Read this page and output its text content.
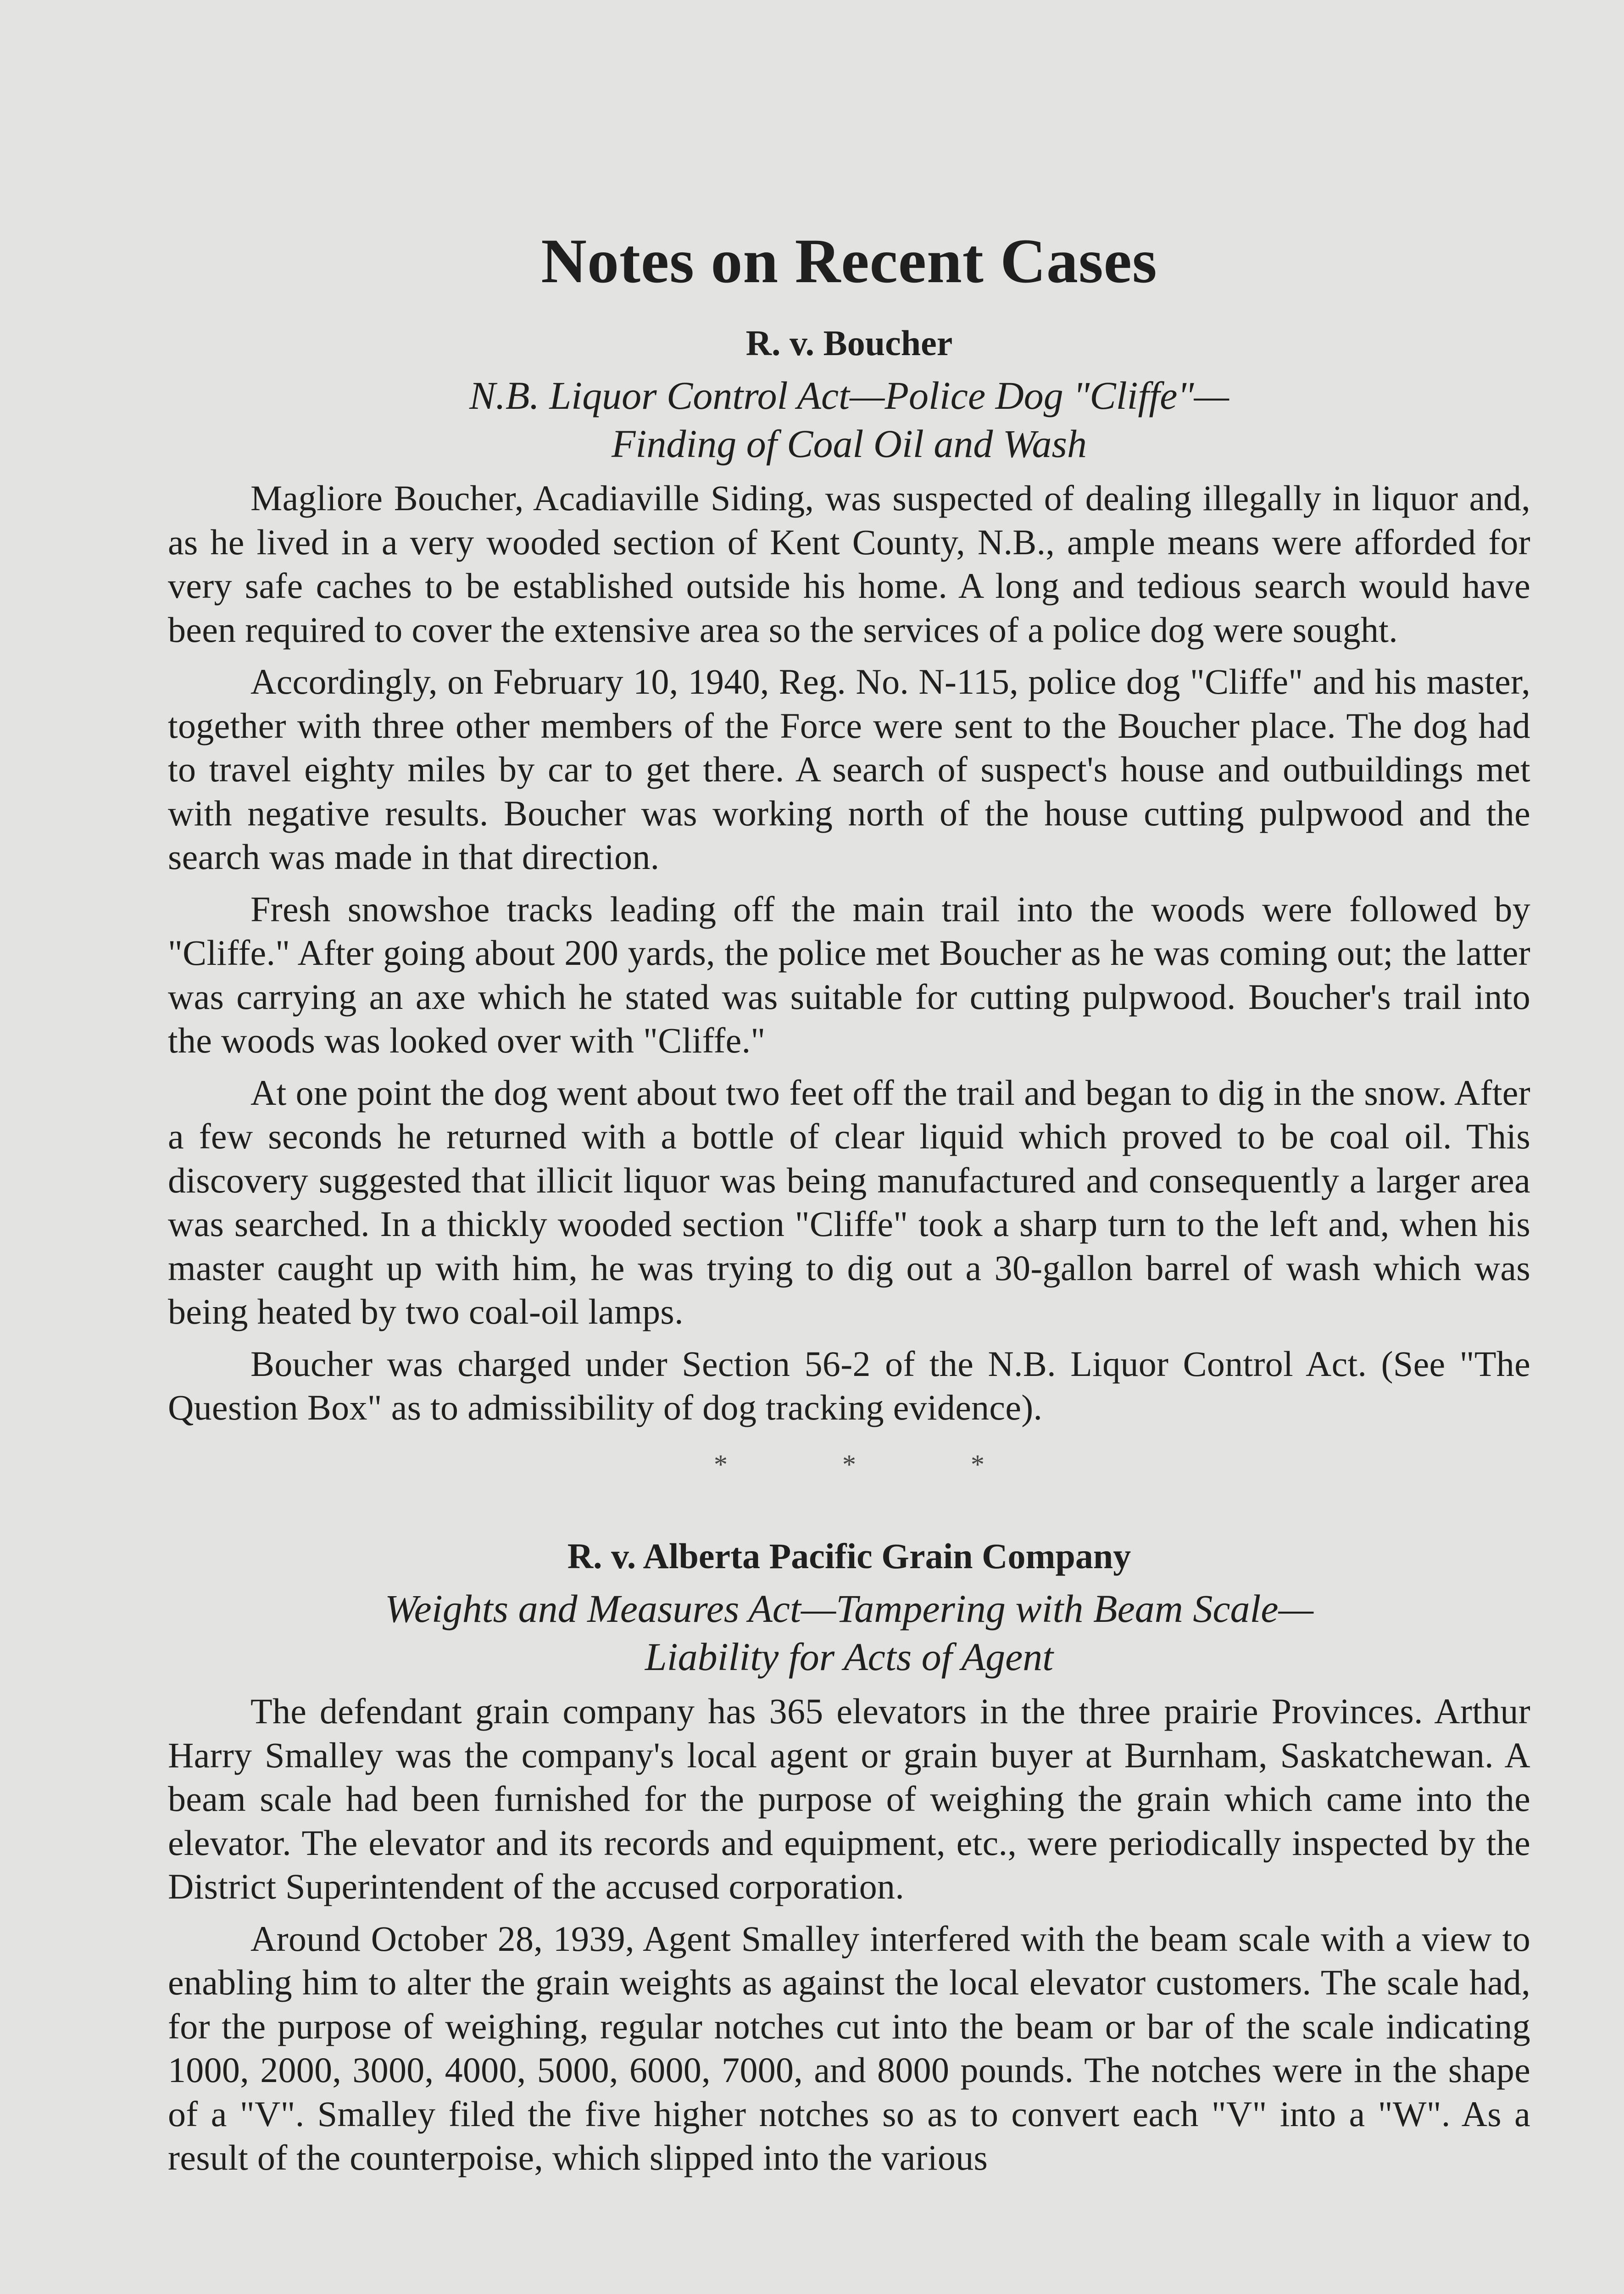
Notes on Recent Cases
R. v. Boucher
N.B. Liquor Control Act—Police Dog "Cliffe"—
Finding of Coal Oil and Wash

Magliore Boucher, Acadiaville Siding, was suspected of dealing illegally in liquor and, as he lived in a very wooded section of Kent County, N.B., ample means were afforded for very safe caches to be established outside his home. A long and tedious search would have been required to cover the extensive area so the services of a police dog were sought.

Accordingly, on February 10, 1940, Reg. No. N-115, police dog "Cliffe" and his master, together with three other members of the Force were sent to the Boucher place. The dog had to travel eighty miles by car to get there. A search of suspect's house and outbuildings met with negative results. Boucher was working north of the house cutting pulpwood and the search was made in that direction.

Fresh snowshoe tracks leading off the main trail into the woods were followed by "Cliffe." After going about 200 yards, the police met Boucher as he was coming out; the latter was carrying an axe which he stated was suitable for cutting pulpwood. Boucher's trail into the woods was looked over with "Cliffe."

At one point the dog went about two feet off the trail and began to dig in the snow. After a few seconds he returned with a bottle of clear liquid which proved to be coal oil. This discovery suggested that illicit liquor was being manufactured and consequently a larger area was searched. In a thickly wooded section "Cliffe" took a sharp turn to the left and, when his master caught up with him, he was trying to dig out a 30-gallon barrel of wash which was being heated by two coal-oil lamps.

Boucher was charged under Section 56-2 of the N.B. Liquor Control Act. (See "The Question Box" as to admissibility of dog tracking evidence).

*	*	*
R. v. Alberta Pacific Grain Company
Weights and Measures Act—Tampering with Beam Scale—
Liability for Acts of Agent

The defendant grain company has 365 elevators in the three prairie Provinces. Arthur Harry Smalley was the company's local agent or grain buyer at Burnham, Saskatchewan. A beam scale had been furnished for the purpose of weighing the grain which came into the elevator. The elevator and its records and equipment, etc., were periodically inspected by the District Superintendent of the accused corporation.

Around October 28, 1939, Agent Smalley interfered with the beam scale with a view to enabling him to alter the grain weights as against the local elevator customers. The scale had, for the purpose of weighing, regular notches cut into the beam or bar of the scale indicating 1000, 2000, 3000, 4000, 5000, 6000, 7000, and 8000 pounds. The notches were in the shape of a "V". Smalley filed the five higher notches so as to convert each "V" into a "W". As a result of the counterpoise, which slipped into the various
